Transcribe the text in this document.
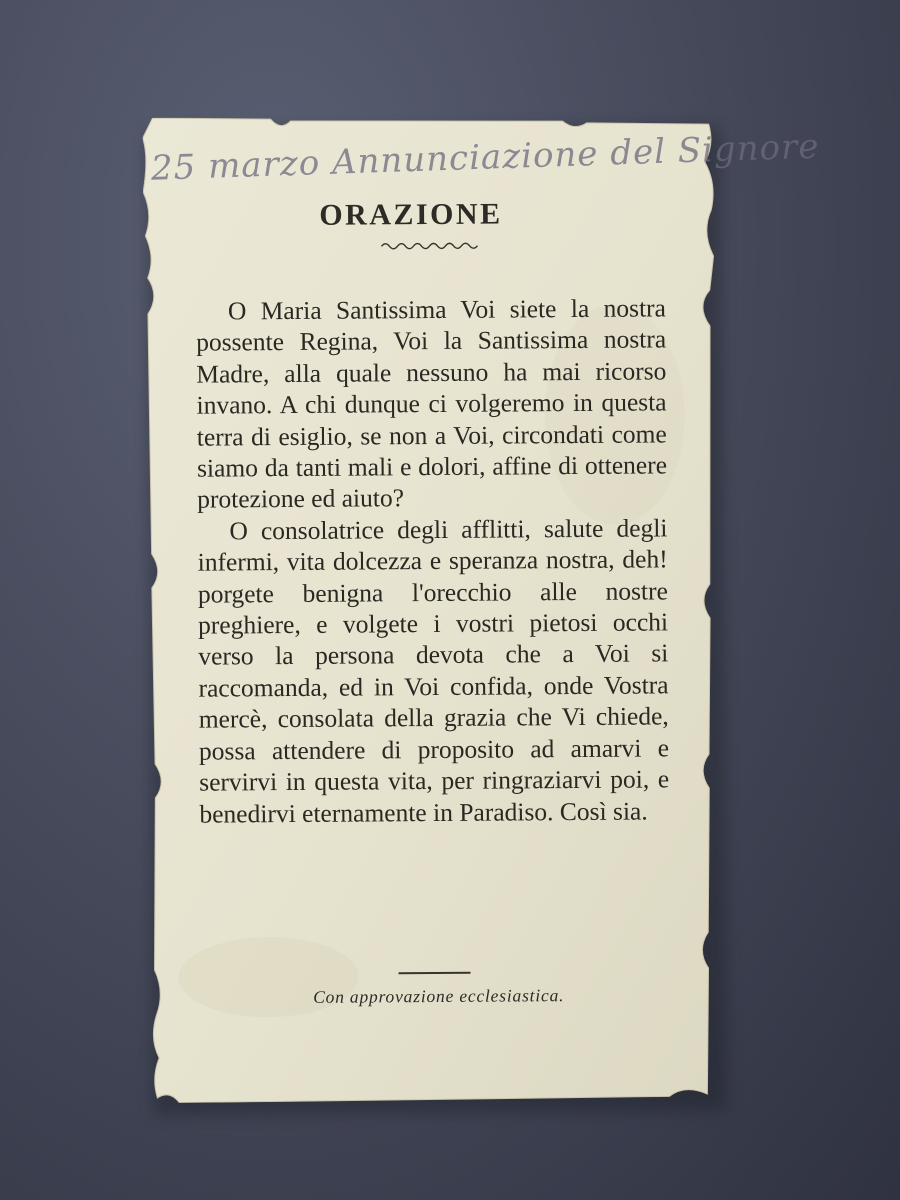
25 marzo Annunciazione del Signore
ORAZIONE

O Maria Santissima Voi siete la nostra possente Regina, Voi la Santissima nostra Madre, alla quale nessuno ha mai ricorso invano. A chi dunque ci volgeremo in questa terra di esiglio, se non a Voi, circondati come siamo da tanti mali e dolori, affine di ottenere protezione ed aiuto?

O consolatrice degli afflitti, salute degli infermi, vita dolcezza e speranza nostra, deh! porgete benigna l'orecchio alle nostre preghiere, e volgete i vostri pietosi occhi verso la persona devota che a Voi si raccomanda, ed in Voi confida, onde Vostra mercè, consolata della grazia che Vi chiede, possa attendere di proposito ad amarvi e servirvi in questa vita, per ringraziarvi poi, e benedirvi eternamente in Paradiso. Così sia.

Con approvazione ecclesiastica.
